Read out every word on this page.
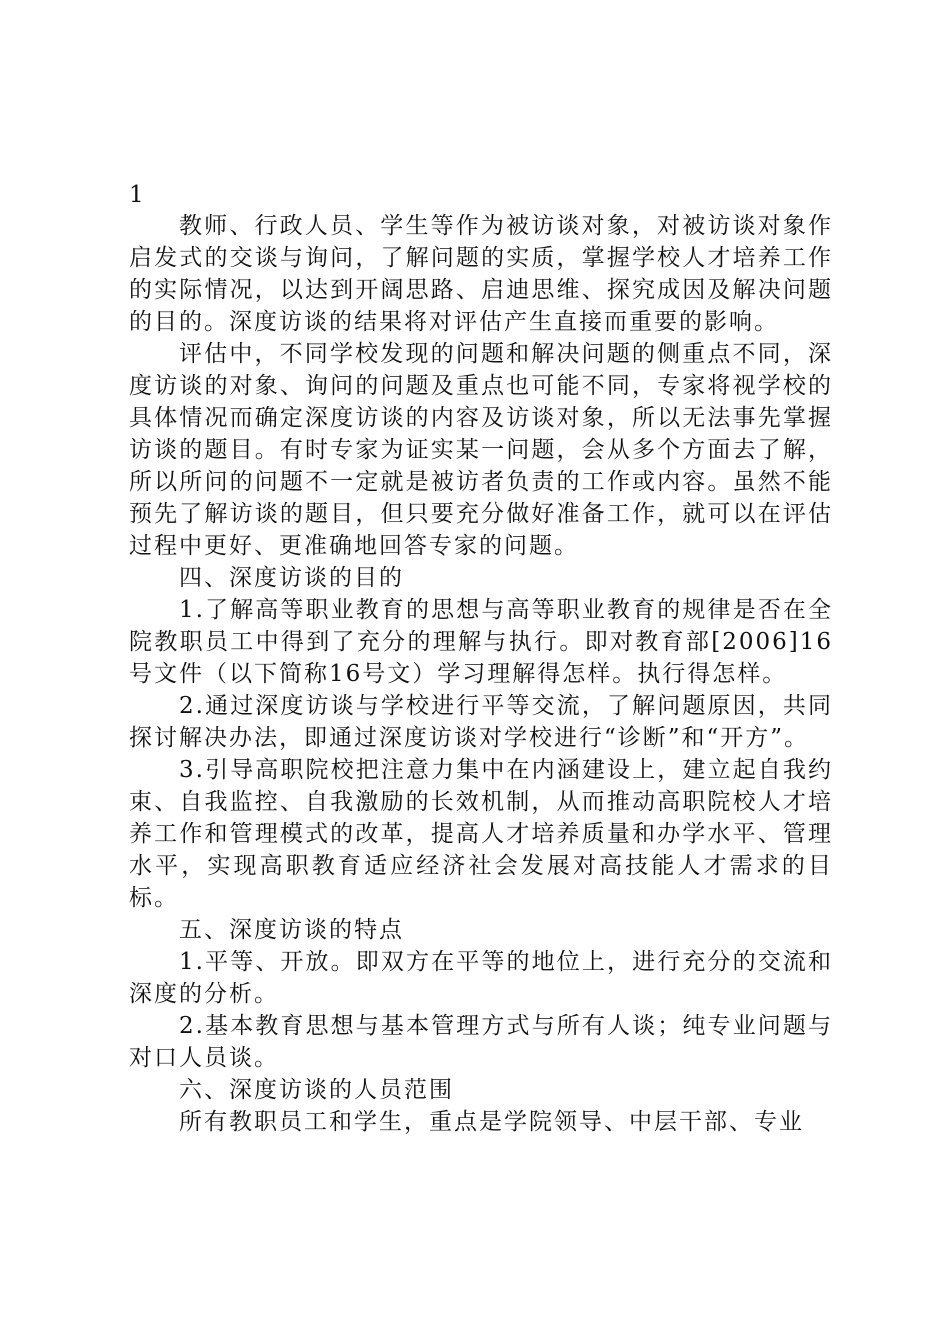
1

教师、行政人员、学生等作为被访谈对象，对被访谈对象作启发式的交谈与询问，了解问题的实质，掌握学校人才培养工作的实际情况，以达到开阔思路、启迪思维、探究成因及解决问题的目的。深度访谈的结果将对评估产生直接而重要的影响。

评估中，不同学校发现的问题和解决问题的侧重点不同，深度访谈的对象、询问的问题及重点也可能不同，专家将视学校的具体情况而确定深度访谈的内容及访谈对象，所以无法事先掌握访谈的题目。有时专家为证实某一问题，会从多个方面去了解，所以所问的问题不一定就是被访者负责的工作或内容。虽然不能预先了解访谈的题目，但只要充分做好准备工作，就可以在评估过程中更好、更准确地回答专家的问题。

四、深度访谈的目的

1.了解高等职业教育的思想与高等职业教育的规律是否在全院教职员工中得到了充分的理解与执行。即对教育部[2006]16号文件（以下简称16号文）学习理解得怎样。执行得怎样。

2.通过深度访谈与学校进行平等交流，了解问题原因，共同探讨解决办法，即通过深度访谈对学校进行“诊断”和“开方”。

3.引导高职院校把注意力集中在内涵建设上，建立起自我约束、自我监控、自我激励的长效机制，从而推动高职院校人才培养工作和管理模式的改革，提高人才培养质量和办学水平、管理水平，实现高职教育适应经济社会发展对高技能人才需求的目标。

五、深度访谈的特点

1.平等、开放。即双方在平等的地位上，进行充分的交流和深度的分析。

2.基本教育思想与基本管理方式与所有人谈；纯专业问题与对口人员谈。

六、深度访谈的人员范围

所有教职员工和学生，重点是学院领导、中层干部、专业
